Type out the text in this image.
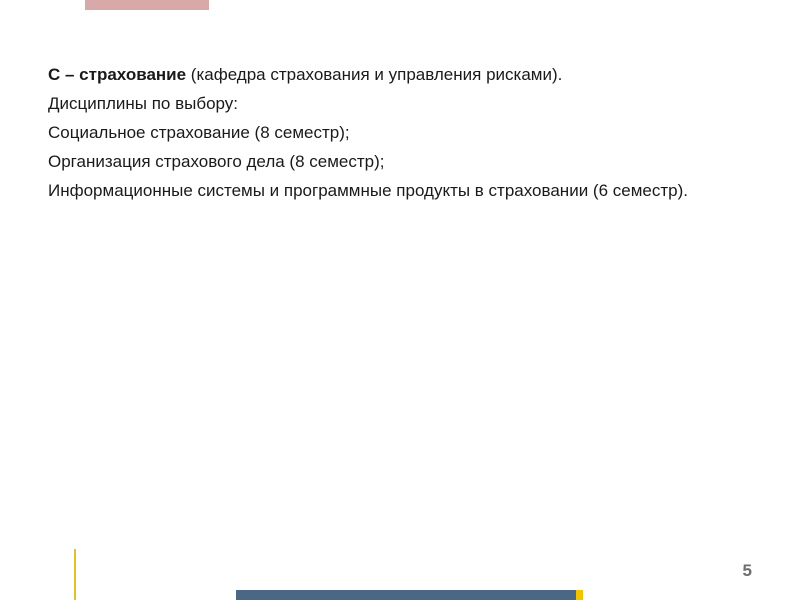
С – страхование (кафедра страхования и управления рисками).

Дисциплины по выбору:

Социальное страхование (8 семестр);

Организация страхового дела (8 семестр);

Информационные системы и программные продукты в страховании (6 семестр).

5
